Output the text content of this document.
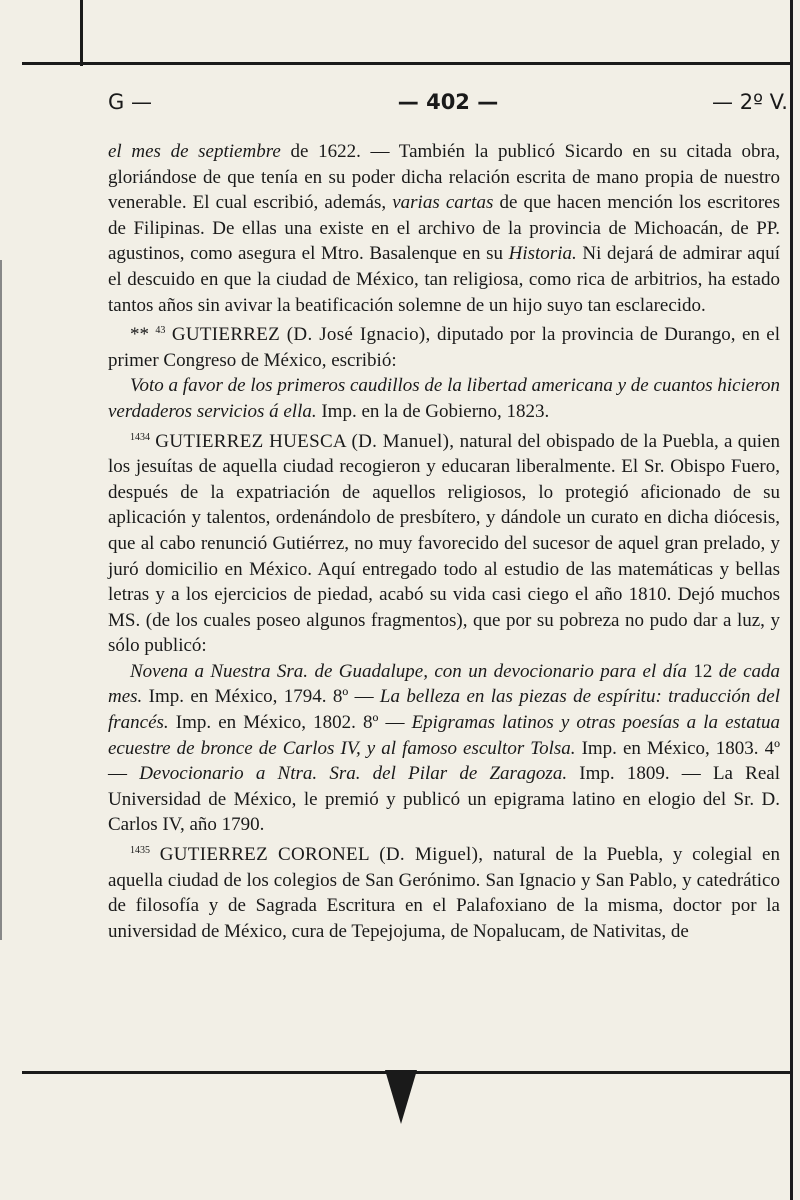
G —	— 402 —	— 2º V.

el mes de septiembre de 1622. — También la publicó Sicardo en su citada obra, gloriándose de que tenía en su poder dicha relación escrita de mano propia de nuestro venerable. El cual escribió, además, varias cartas de que hacen mención los escritores de Filipinas. De ellas una existe en el archivo de la provincia de Michoacán, de PP. agustinos, como asegura el Mtro. Basalenque en su Historia. Ni dejará de admirar aquí el descuido en que la ciudad de México, tan religiosa, como rica de arbitrios, ha estado tantos años sin avivar la beatificación solemne de un hijo suyo tan esclarecido.

** $^{43}$ GUTIERREZ (D. José Ignacio), diputado por la provincia de Durango, en el primer Congreso de México, escribió:

Voto a favor de los primeros caudillos de la libertad americana y de cuantos hicieron verdaderos servicios á ella. Imp. en la de Gobierno, 1823.

$^{1434}$ GUTIERREZ HUESCA (D. Manuel), natural del obispado de la Puebla, a quien los jesuítas de aquella ciudad recogieron y educaran liberalmente. El Sr. Obispo Fuero, después de la expatriación de aquellos religiosos, lo protegió aficionado de su aplicación y talentos, ordenándolo de presbítero, y dándole un curato en dicha diócesis, que al cabo renunció Gutiérrez, no muy favorecido del sucesor de aquel gran prelado, y juró domicilio en México. Aquí entregado todo al estudio de las matemáticas y bellas letras y a los ejercicios de piedad, acabó su vida casi ciego el año 1810. Dejó muchos MS. (de los cuales poseo algunos fragmentos), que por su pobreza no pudo dar a luz, y sólo publicó:

Novena a Nuestra Sra. de Guadalupe, con un devocionario para el día 12 de cada mes. Imp. en México, 1794. 8º — La belleza en las piezas de espíritu: traducción del francés. Imp. en México, 1802. 8º — Epigramas latinos y otras poesías a la estatua ecuestre de bronce de Carlos IV, y al famoso escultor Tolsa. Imp. en México, 1803. 4º — Devocionario a Ntra. Sra. del Pilar de Zaragoza. Imp. 1809. — La Real Universidad de México, le premió y publicó un epigrama latino en elogio del Sr. D. Carlos IV, año 1790.

$^{1435}$ GUTIERREZ CORONEL (D. Miguel), natural de la Puebla, y colegial en aquella ciudad de los colegios de San Gerónimo. San Ignacio y San Pablo, y catedrático de filosofía y de Sagrada Escritura en el Palafoxiano de la misma, doctor por la universidad de México, cura de Tepejojuma, de Nopalucam, de Nativitas, de
